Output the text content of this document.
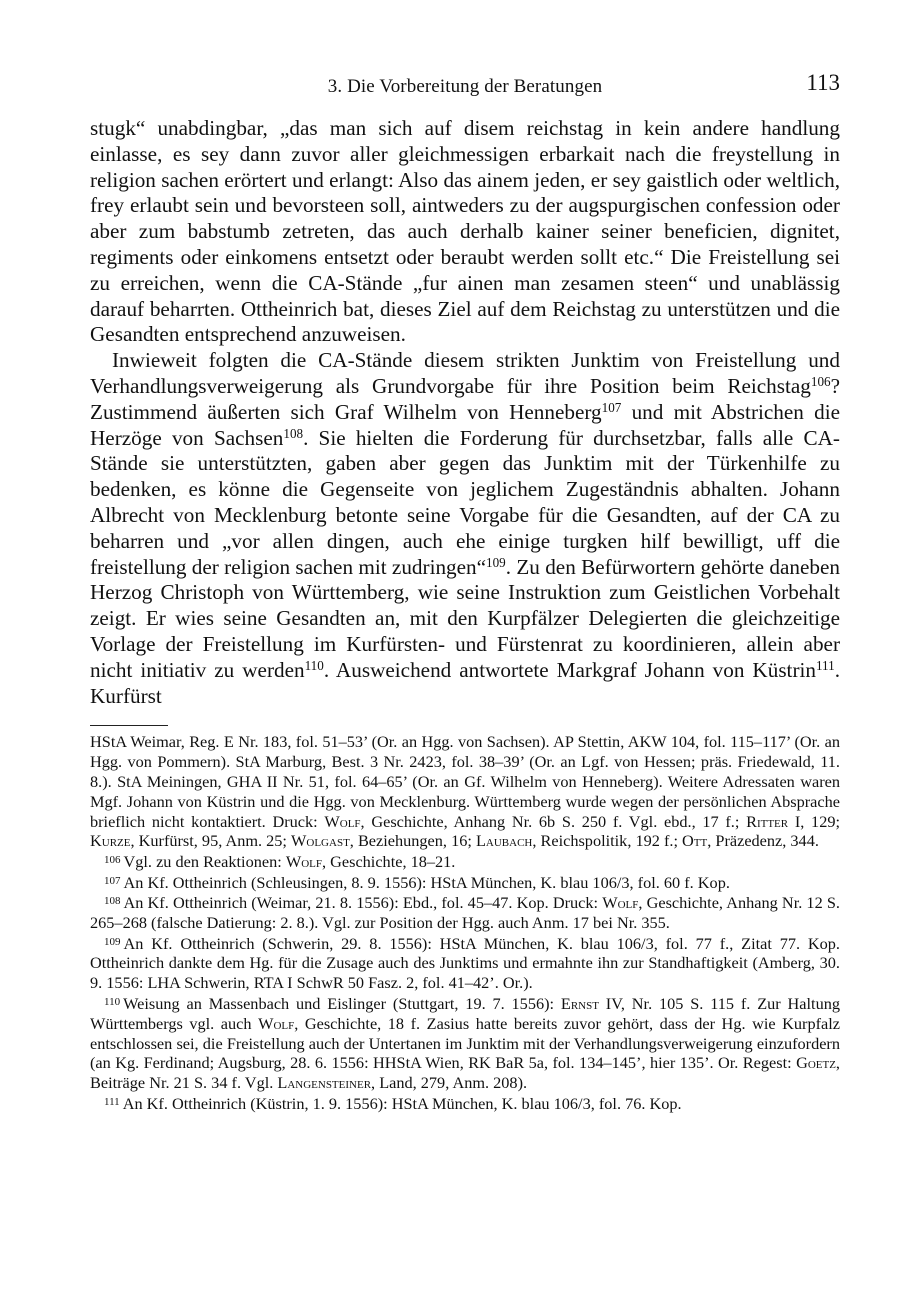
3. Die Vorbereitung der Beratungen	113

stugk“ unabdingbar, „das man sich auf disem reichstag in kein andere handlung einlasse, es sey dann zuvor aller gleichmessigen erbarkait nach die freystellung in religion sachen erörtert und erlangt: Also das ainem jeden, er sey gaistlich oder weltlich, frey erlaubt sein und bevorsteen soll, aintweders zu der augspurgischen confession oder aber zum babstumb zetreten, das auch derhalb kainer seiner beneficien, dignitet, regiments oder einkomens entsetzt oder beraubt werden sollt etc.“ Die Freistellung sei zu erreichen, wenn die CA-Stände „fur ainen man zesamen steen“ und unablässig darauf beharrten. Ottheinrich bat, dieses Ziel auf dem Reichstag zu unterstützen und die Gesandten entsprechend anzuweisen.

Inwieweit folgten die CA-Stände diesem strikten Junktim von Freistellung und Verhandlungsverweigerung als Grundvorgabe für ihre Position beim Reichstag$^{106}$? Zustimmend äußerten sich Graf Wilhelm von Henneberg$^{107}$ und mit Abstrichen die Herzöge von Sachsen$^{108}$. Sie hielten die Forderung für durchsetzbar, falls alle CA-Stände sie unterstützten, gaben aber gegen das Junktim mit der Türkenhilfe zu bedenken, es könne die Gegenseite von jeglichem Zugeständnis abhalten. Johann Albrecht von Mecklenburg betonte seine Vorgabe für die Gesandten, auf der CA zu beharren und „vor allen dingen, auch ehe einige turgken hilf bewilligt, uff die freistellung der religion sachen mit zudringen“$^{109}$. Zu den Befürwortern gehörte daneben Herzog Christoph von Württemberg, wie seine Instruktion zum Geistlichen Vorbehalt zeigt. Er wies seine Gesandten an, mit den Kurpfälzer Delegierten die gleichzeitige Vorlage der Freistellung im Kurfürsten- und Fürstenrat zu koordinieren, allein aber nicht initiativ zu werden$^{110}$. Ausweichend antwortete Markgraf Johann von Küstrin$^{111}$. Kurfürst

HStA Weimar, Reg. E Nr. 183, fol. 51–53’ (Or. an Hgg. von Sachsen). AP Stettin, AKW 104, fol. 115–117’ (Or. an Hgg. von Pommern). StA Marburg, Best. 3 Nr. 2423, fol. 38–39’ (Or. an Lgf. von Hessen; präs. Friedewald, 11. 8.). StA Meiningen, GHA II Nr. 51, fol. 64–65’ (Or. an Gf. Wilhelm von Henneberg). Weitere Adressaten waren Mgf. Johann von Küstrin und die Hgg. von Mecklenburg. Württemberg wurde wegen der persönlichen Absprache brieflich nicht kontaktiert. Druck: Wolf, Geschichte, Anhang Nr. 6b S. 250 f. Vgl. ebd., 17 f.; Ritter I, 129; Kurze, Kurfürst, 95, Anm. 25; Wolgast, Beziehungen, 16; Laubach, Reichspolitik, 192 f.; Ott, Präzedenz, 344.

$^{106}$ Vgl. zu den Reaktionen: Wolf, Geschichte, 18–21.

$^{107}$ An Kf. Ottheinrich (Schleusingen, 8. 9. 1556): HStA München, K. blau 106/3, fol. 60 f. Kop.

$^{108}$ An Kf. Ottheinrich (Weimar, 21. 8. 1556): Ebd., fol. 45–47. Kop. Druck: Wolf, Geschichte, Anhang Nr. 12 S. 265–268 (falsche Datierung: 2. 8.). Vgl. zur Position der Hgg. auch Anm. 17 bei Nr. 355.

$^{109}$ An Kf. Ottheinrich (Schwerin, 29. 8. 1556): HStA München, K. blau 106/3, fol. 77 f., Zitat 77. Kop. Ottheinrich dankte dem Hg. für die Zusage auch des Junktims und ermahnte ihn zur Standhaftigkeit (Amberg, 30. 9. 1556: LHA Schwerin, RTA I SchwR 50 Fasz. 2, fol. 41–42’. Or.).

$^{110}$ Weisung an Massenbach und Eislinger (Stuttgart, 19. 7. 1556): Ernst IV, Nr. 105 S. 115 f. Zur Haltung Württembergs vgl. auch Wolf, Geschichte, 18 f. Zasius hatte bereits zuvor gehört, dass der Hg. wie Kurpfalz entschlossen sei, die Freistellung auch der Untertanen im Junktim mit der Verhandlungsverweigerung einzufordern (an Kg. Ferdinand; Augsburg, 28. 6. 1556: HHStA Wien, RK BaR 5a, fol. 134–145’, hier 135’. Or. Regest: Goetz, Beiträge Nr. 21 S. 34 f. Vgl. Langensteiner, Land, 279, Anm. 208).

$^{111}$ An Kf. Ottheinrich (Küstrin, 1. 9. 1556): HStA München, K. blau 106/3, fol. 76. Kop.
